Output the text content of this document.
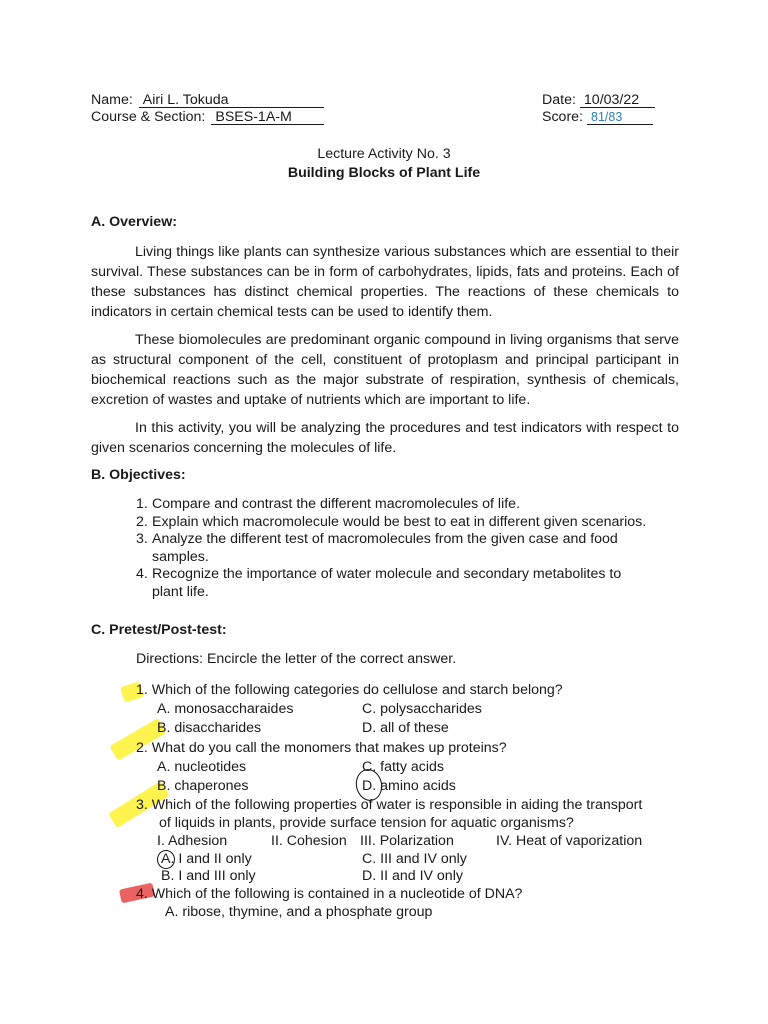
Name: Airi L. Tokuda
Course & Section: BSES-1A-M
Date: 10/03/22
Score: 81/83
Lecture Activity No. 3
Building Blocks of Plant Life
A. Overview:

Living things like plants can synthesize various substances which are essential to their survival. These substances can be in form of carbohydrates, lipids, fats and proteins. Each of these substances has distinct chemical properties. The reactions of these chemicals to indicators in certain chemical tests can be used to identify them.

These biomolecules are predominant organic compound in living organisms that serve as structural component of the cell, constituent of protoplasm and principal participant in biochemical reactions such as the major substrate of respiration, synthesis of chemicals, excretion of wastes and uptake of nutrients which are important to life.

In this activity, you will be analyzing the procedures and test indicators with respect to given scenarios concerning the molecules of life.

B. Objectives:
1. Compare and contrast the different macromolecules of life.
2. Explain which macromolecule would be best to eat in different given scenarios.
3. Analyze the different test of macromolecules from the given case and food samples.
4. Recognize the importance of water molecule and secondary metabolites to plant life.
C. Pretest/Post-test:
Directions: Encircle the letter of the correct answer.
1. Which of the following categories do cellulose and starch belong?
A. monosaccharaides	C. polysaccharides
B. disaccharides	D. all of these
2. What do you call the monomers that makes up proteins?
A. nucleotides	C. fatty acids
B. chaperones	D. amino acids
3. Which of the following properties of water is responsible in aiding the transport
of liquids in plants, provide surface tension for aquatic organisms?
I. Adhesion	II. Cohesion III. Polarization	IV. Heat of vaporization
A. I and II only	C. III and IV only
B. I and III only	D. II and IV only
4. Which of the following is contained in a nucleotide of DNA?
A. ribose, thymine, and a phosphate group
